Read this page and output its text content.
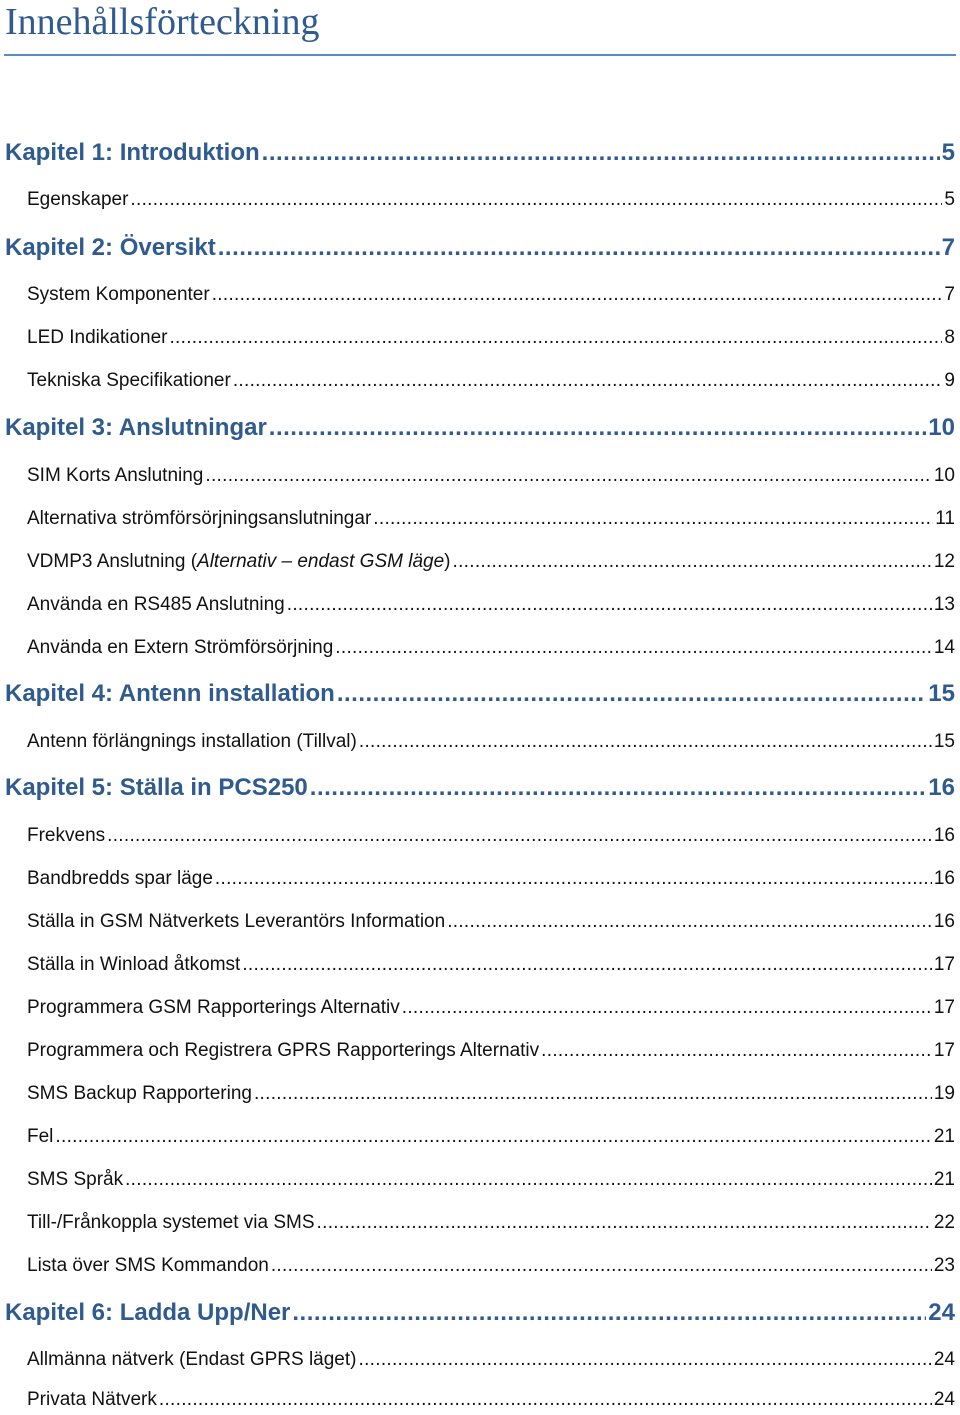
Innehållsförteckning
Kapitel 1: Introduktion .....	5
Egenskaper .....	5
Kapitel 2: Översikt .....	7
System Komponenter .....	7
LED Indikationer .....	8
Tekniska Specifikationer .....	9
Kapitel 3: Anslutningar .....	10
SIM Korts Anslutning .....	10
Alternativa strömförsörjningsanslutningar .....	11
VDMP3 Anslutning (Alternativ – endast GSM läge) .....	12
Använda en RS485 Anslutning .....	13
Använda en Extern Strömförsörjning .....	14
Kapitel 4: Antenn installation .....	15
Antenn förlängnings installation (Tillval) .....	15
Kapitel 5: Ställa in PCS250 .....	16
Frekvens .....	16
Bandbredds spar läge .....	16
Ställa in GSM Nätverkets Leverantörs Information .....	16
Ställa in Winload åtkomst .....	17
Programmera GSM Rapporterings Alternativ .....	17
Programmera och Registrera GPRS Rapporterings Alternativ .....	17
SMS Backup Rapportering .....	19
Fel .....	21
SMS Språk .....	21
Till-/Frånkoppla systemet via SMS .....	22
Lista över SMS Kommandon .....	23
Kapitel 6: Ladda Upp/Ner .....	24
Allmänna nätverk (Endast GPRS läget) .....	24
Privata Nätverk .....	24
